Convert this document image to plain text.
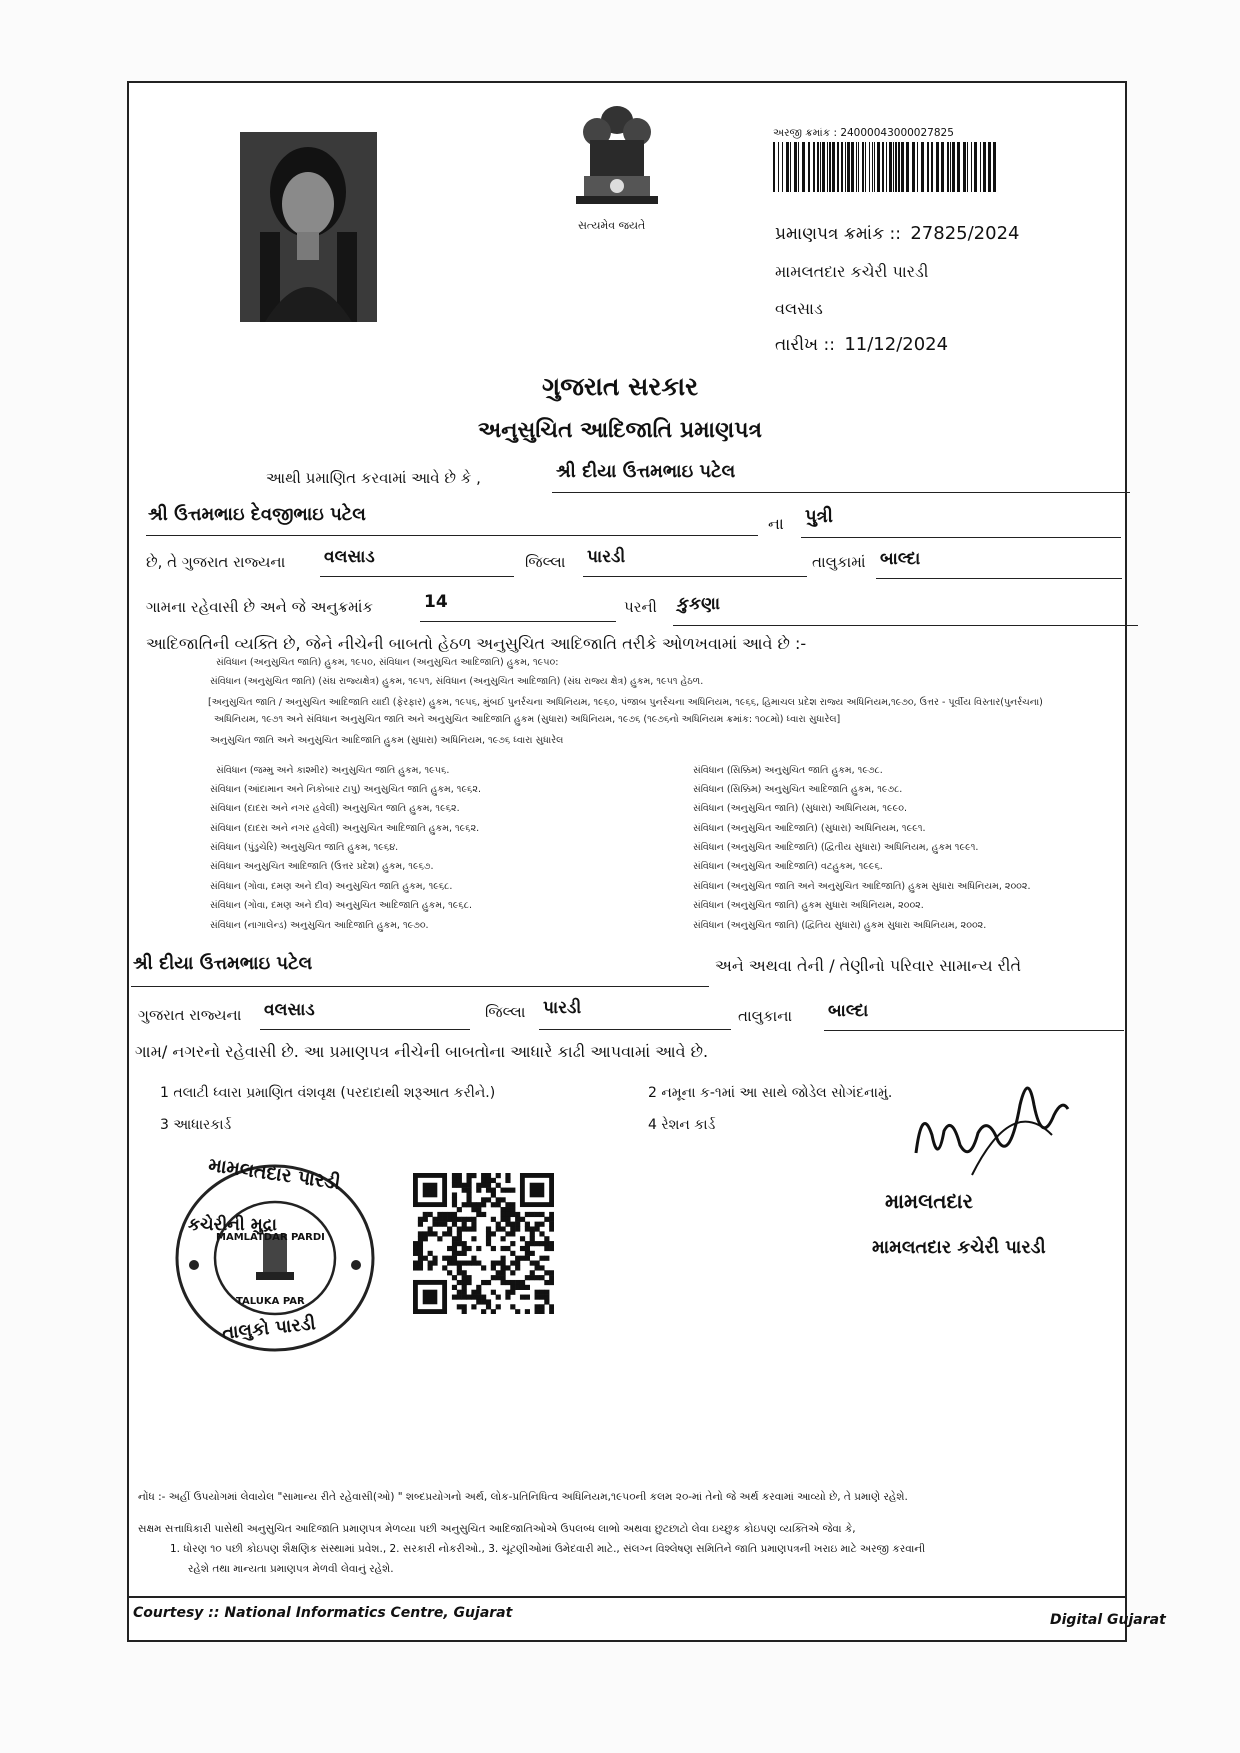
સત્યમેવ જયતે
અરજી ક્રમાંક : 24000043000027825
પ્રમાણપત્ર ક્રમાંક :: 27825/2024
મામલતદાર કચેરી પારડી
વલસાડ
તારીખ :: 11/12/2024
ગુજરાત સરકાર
અનુસુચિત આદિજાતિ પ્રમાણપત્ર
આથી પ્રમાણિત કરવામાં આવે છે કે ,	શ્રી દીયા ઉત્તમભાઇ પટેલ
શ્રી ઉત્તમભાઇ દેવજીભાઇ પટેલ	ના પુત્રી
છે, તે ગુજરાત રાજ્યના વલસાડ	જિલ્લા પારડી	તાલુકામાં બાલ્દા
ગામના રહેવાસી છે અને જે અનુક્રમાંક	14	પરની કુકણા
આદિજાતિની વ્યક્તિ છે, જેને નીચેની બાબતો હેઠળ અનુસુચિત આદિજાતિ તરીકે ઓળખવામાં આવે છે :-
સંવિધાન (અનુસુચિત જાતિ) હુકમ, ૧૯૫૦, સંવિધાન (અનુસુચિત આદિજાતિ) હુકમ, ૧૯૫૦:
સંવિધાન (અનુસુચિત જાતિ) (સંઘ રાજ્યક્ષેત્ર) હુકમ, ૧૯૫૧, સંવિધાન (અનુસુચિત આદિજાતિ) (સંઘ રાજ્ય ક્ષેત્ર) હુકમ, ૧૯૫૧ હેઠળ.
[અનુસુચિત જાતિ / અનુસુચિત આદિજાતિ યાદી (ફેરફાર) હુકમ, ૧૯૫૬, મુંબઈ પુનર્રચના અધિનિયમ, ૧૯૬૦, પંજાબ પુનર્રચના અધિનિયમ, ૧૯૬૬, હિમાચલ પ્રદેશ રાજ્ય અધિનિયમ,૧૯૭૦, ઉત્તર - પૂર્વીય વિસ્તાર(પુનર્રચના)
અધિનિયમ, ૧૯૭૧ અને સંવિધાન અનુસુચિત જાતિ અને અનુસુચિત આદિજાતિ હુકમ (સુધારા) અધિનિયમ, ૧૯૭૬ (૧૯૭૬નો અધિનિયમ ક્રમાંક: ૧૦૮મો) ધ્વારા સુધારેલ]
અનુસુચિત જાતિ અને અનુસુચિત આદિજાતિ હુકમ (સુધારા) અધિનિયમ, ૧૯૭૬ ધ્વારા સુધારેલ
સંવિધાન (જમ્મુ અને કાશ્મીર) અનુસુચિત જાતિ હુકમ, ૧૯૫૬.
સંવિધાન (આંદામાન અને નિકોબાર ટાપુ) અનુસુચિત જાતિ હુકમ, ૧૯૬૨.
સંવિધાન (દાદરા અને નગર હવેલી) અનુસુચિત જાતિ હુકમ, ૧૯૬૨.
સંવિધાન (દાદરા અને નગર હવેલી) અનુસુચિત આદિજાતિ હુકમ, ૧૯૬૨.
સંવિધાન (પુંડુચેરિ) અનુસુચિત જાતિ હુકમ, ૧૯૬૪.
સંવિધાન અનુસુચિત આદિજાતિ (ઉત્તર પ્રદેશ) હુકમ, ૧૯૬૭.
સંવિધાન (ગોવા, દમણ અને દીવ) અનુસુચિત જાતિ હુકમ, ૧૯૬૮.
સંવિધાન (ગોવા, દમણ અને દીવ) અનુસુચિત આદિજાતિ હુકમ, ૧૯૬૮.
સંવિધાન (નાગાલેન્ડ) અનુસુચિત આદિજાતિ હુકમ, ૧૯૭૦.
સંવિધાન (સિક્કિમ) અનુસુચિત જાતિ હુકમ, ૧૯૭૮.
સંવિધાન (સિક્કિમ) અનુસુચિત આદિજાતિ હુકમ, ૧૯૭૮.
સંવિધાન (અનુસુચિત જાતિ) (સુધારા) અધિનિયમ, ૧૯૯૦.
સંવિધાન (અનુસુચિત આદિજાતિ) (સુધારા) અધિનિયમ, ૧૯૯૧.
સંવિધાન (અનુસુચિત આદિજાતિ) (દ્વિતીય સુધારા) અધિનિયમ, હુકમ ૧૯૯૧.
સંવિધાન (અનુસુચિત આદિજાતિ) વટહુકમ, ૧૯૯૬.
સંવિધાન (અનુસુચિત જાતિ અને અનુસુચિત આદિજાતિ) હુકમ સુધારા અધિનિયમ, ૨૦૦૨.
સંવિધાન (અનુસુચિત જાતિ) હુકમ સુધારા અધિનિયમ, ૨૦૦૨.
સંવિધાન (અનુસુચિત જાતિ) (દ્વિતિય સુધારા) હુકમ સુધારા અધિનિયમ, ૨૦૦૨.
શ્રી દીયા ઉત્તમભાઇ પટેલ	અને અથવા તેની / તેણીનો પરિવાર સામાન્ય રીતે
ગુજરાત રાજ્યના વલસાડ	જિલ્લા પારડી	તાલુકાના બાલ્દા
ગામ/ નગરનો રહેવાસી છે. આ પ્રમાણપત્ર નીચેની બાબતોના આધારે કાઢી આપવામાં આવે છે.
1 તલાટી ધ્વારા પ્રમાણિત વંશવૃક્ષ (પરદાદાથી શરૂઆત કરીને.)	2 નમૂના ક-૧માં આ સાથે જોડેલ સોગંદનામું.
3 આધારકાર્ડ	4 રેશન કાર્ડ
મામલતદાર પારડી
કચેરીની મુદ્રા
MAMLATDAR PARDI
TALUKA PAR
તાલુકો પારડી
મામલતદાર
મામલતદાર કચેરી પારડી
નોંધ :- અહીં ઉપયોગમાં લેવાયેલ "સામાન્ય રીતે રહેવાસી(ઓ) " શબ્દપ્રયોગનો અર્થ, લોક-પ્રતિનિધિત્વ અધિનિયમ,૧૯૫૦ની કલમ ૨૦-માં તેનો જે અર્થ કરવામાં આવ્યો છે, તે પ્રમાણે રહેશે.
સક્ષમ સત્તાધિકારી પાસેથી અનુસુચિત આદિજાતિ પ્રમાણપત્ર મેળવ્યા પછી અનુસુચિત આદિજાતિઓએ ઉપલબ્ધ લાભો અથવા છુટછાટો લેવા ઇચ્છુક કોઇપણ વ્યક્તિએ જેવા કે,
1. ધોરણ ૧૦ પછી કોઇપણ શૈક્ષણિક સંસ્થામાં પ્રવેશ., 2. સરકારી નોકરીઓ., 3. ચૂંટણીઓમાં ઉમેદવારી માટે., સંલગ્ન વિશ્લેષણ સમિતિને જાતિ પ્રમાણપત્રની ખરાઇ માટે અરજી કરવાની
રહેશે તથા માન્યતા પ્રમાણપત્ર મેળવી લેવાનું રહેશે.
Courtesy :: National Informatics Centre, Gujarat	Digital Gujarat
